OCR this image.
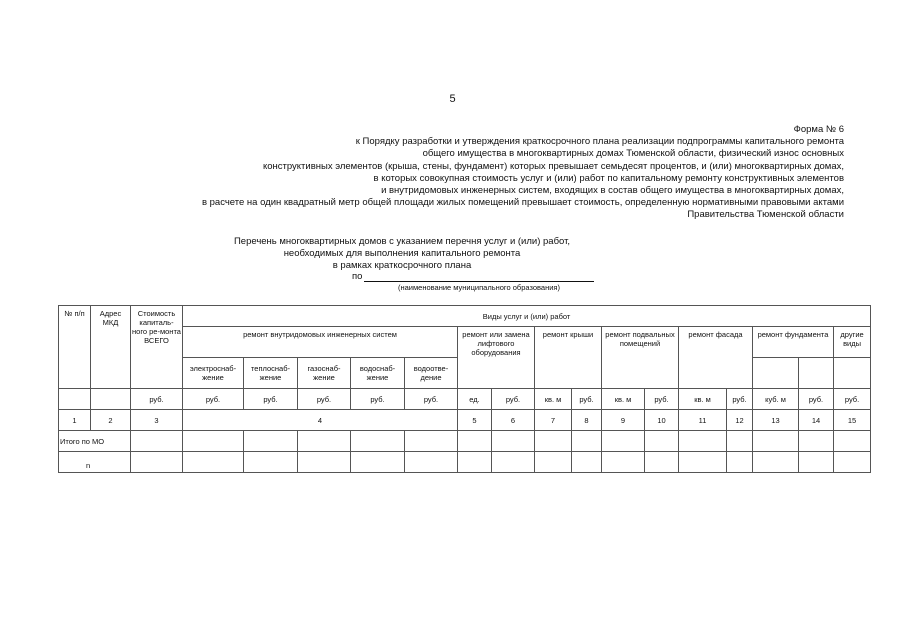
5
Форма № 6
к Порядку разработки и утверждения краткосрочного плана реализации подпрограммы капитального ремонта
общего имущества в многоквартирных домах Тюменской области, физический износ основных
конструктивных элементов (крыша, стены, фундамент) которых превышает семьдесят процентов, и (или) многоквартирных домах,
в которых совокупная стоимость услуг и (или) работ по капитальному ремонту конструктивных элементов
и внутридомовых инженерных систем, входящих в состав общего имущества в многоквартирных домах,
в расчете на один квадратный метр общей площади жилых помещений превышает стоимость, определенную нормативными правовыми актами
Правительства Тюменской области
Перечень многоквартирных домов с указанием перечня услуг и (или) работ,
необходимых для выполнения капитального ремонта
в рамках краткосрочного плана
по
(наименование муниципального образования)
№ п/п	Адрес МКД	Стоимость капиталь-ного ре-монта ВСЕГО	Виды услуг и (или) работ															
			ремонт внутридомовых инженерных систем					ремонт или замена лифтового оборудования		ремонт крыши		ремонт подвальных помещений		ремонт фасада		ремонт фундамента		другие виды
			электроснаб-жение	теплоснаб-жение	газоснаб-жение	водоснаб-жение	водоотве-дение											
		руб.	руб.	руб.	руб.	руб.	руб.	ед.	руб.	кв. м	руб.	кв. м	руб.	кв. м	руб.	куб. м	руб.	руб.
1	2	3	4					5	6	7	8	9	10	11	12	13	14	15
Итого по МО																		
n																		
